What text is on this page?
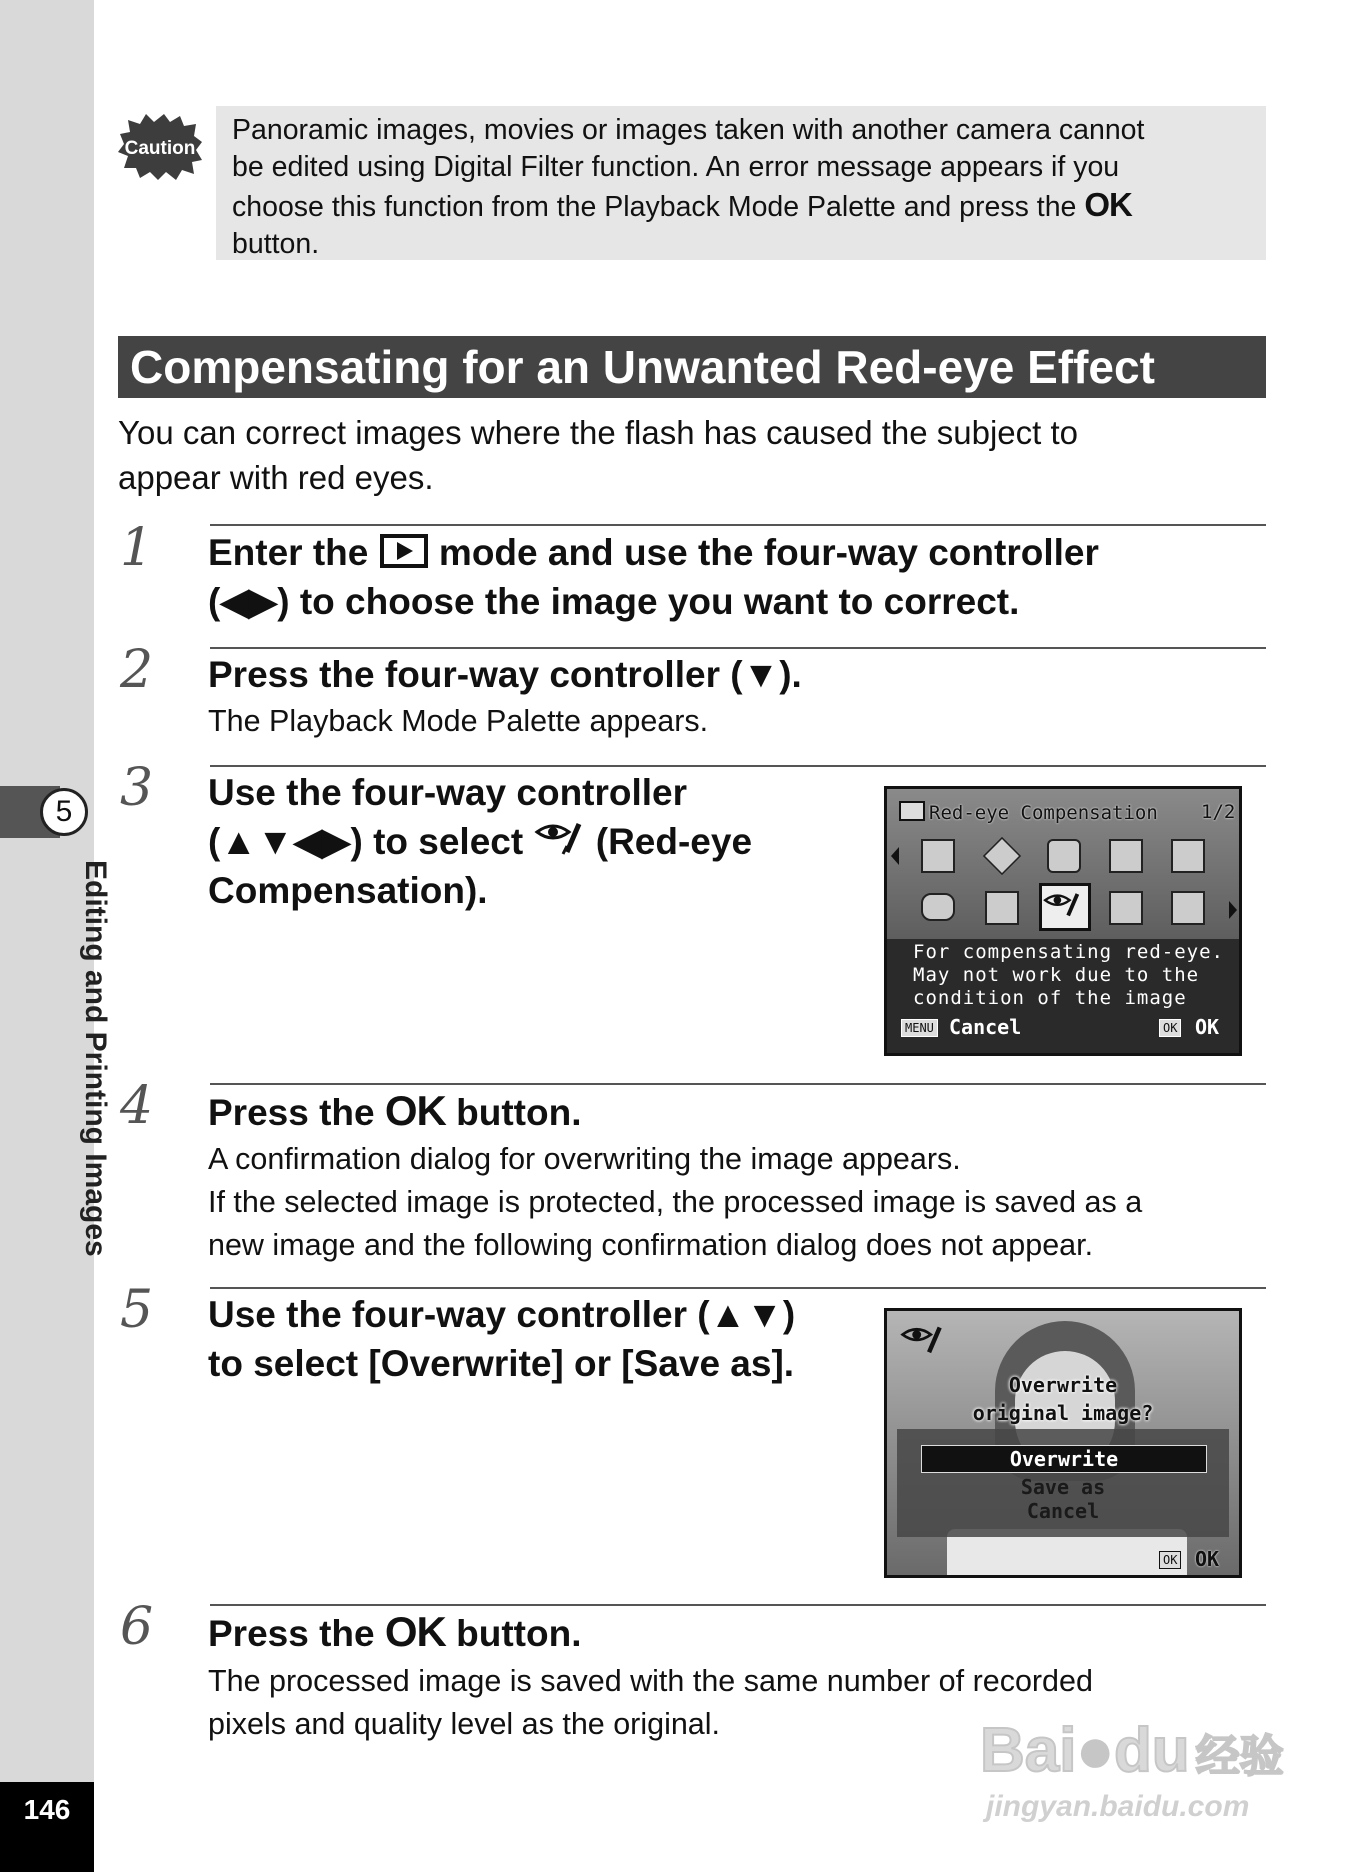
5
Editing and Printing Images
146
Caution
Panoramic images, movies or images taken with another camera cannot
be edited using Digital Filter function. An error message appears if you
choose this function from the Playback Mode Palette and press the OK
button.
Compensating for an Unwanted Red-eye Effect
You can correct images where the flash has caused the subject to
appear with red eyes.
1 Enter the mode and use the four-way controller
(◀▶) to choose the image you want to correct.
2 Press the four-way controller (▼).
The Playback Mode Palette appears.
3 Use the four-way controller
(▲▼◀▶) to select (Red-eye
Compensation).
Red-eye Compensation 1/2
For compensating red-eye.
May not work due to the
condition of the image
MENU Cancel	OK OK
4 Press the OK button.
A confirmation dialog for overwriting the image appears.
If the selected image is protected, the processed image is saved as a
new image and the following confirmation dialog does not appear.
5 Use the four-way controller (▲▼)
to select [Overwrite] or [Save as].
Overwrite
original image?
Overwrite
Save as
Cancel
OK OK
6 Press the OK button.
The processed image is saved with the same number of recorded
pixels and quality level as the original.	Bai●du 经验
jingyan.baidu.com
